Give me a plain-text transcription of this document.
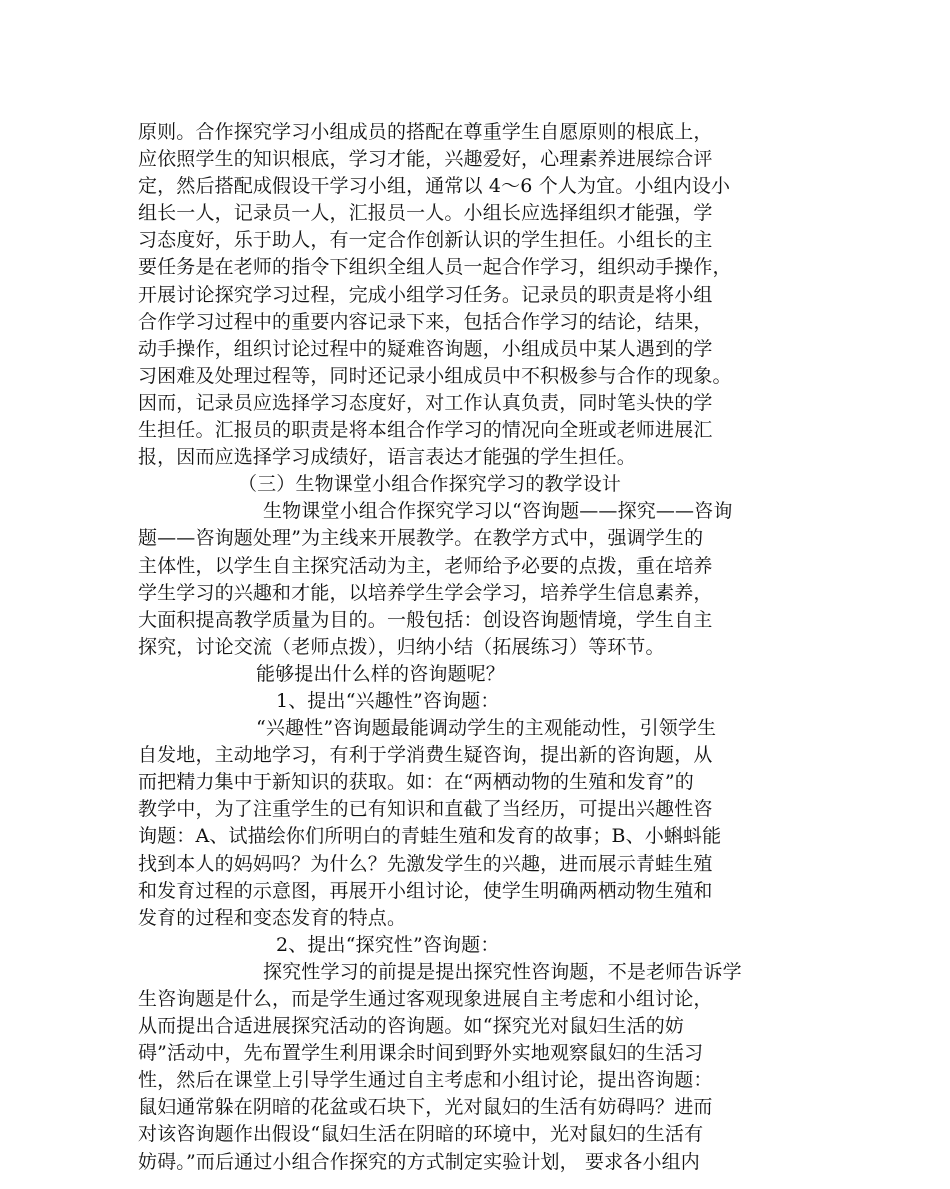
原则。合作探究学习小组成员的搭配在尊重学生自愿原则的根底上，
应依照学生的知识根底，学习才能，兴趣爱好，心理素养进展综合评
定，然后搭配成假设干学习小组，通常以 4～6 个人为宜。小组内设小
组长一人，记录员一人，汇报员一人。小组长应选择组织才能强，学
习态度好，乐于助人，有一定合作创新认识的学生担任。小组长的主
要任务是在老师的指令下组织全组人员一起合作学习，组织动手操作，
开展讨论探究学习过程，完成小组学习任务。记录员的职责是将小组
合作学习过程中的重要内容记录下来，包括合作学习的结论，结果，
动手操作，组织讨论过程中的疑难咨询题，小组成员中某人遇到的学
习困难及处理过程等，同时还记录小组成员中不积极参与合作的现象。
因而，记录员应选择学习态度好，对工作认真负责，同时笔头快的学
生担任。汇报员的职责是将本组合作学习的情况向全班或老师进展汇
报，因而应选择学习成绩好，语言表达才能强的学生担任。
（三）生物课堂小组合作探究学习的教学设计
生物课堂小组合作探究学习以“咨询题——探究——咨询
题——咨询题处理”为主线来开展教学。在教学方式中，强调学生的
主体性，以学生自主探究活动为主，老师给予必要的点拨，重在培养
学生学习的兴趣和才能，以培养学生学会学习，培养学生信息素养，
大面积提高教学质量为目的。一般包括：创设咨询题情境，学生自主
探究，讨论交流（老师点拨），归纳小结（拓展练习）等环节。
能够提出什么样的咨询题呢？
1、提出“兴趣性”咨询题：
“兴趣性”咨询题最能调动学生的主观能动性，引领学生
自发地，主动地学习，有利于学消费生疑咨询，提出新的咨询题，从
而把精力集中于新知识的获取。如：在“两栖动物的生殖和发育”的
教学中，为了注重学生的已有知识和直截了当经历，可提出兴趣性咨
询题：A、试描绘你们所明白的青蛙生殖和发育的故事；B、小蝌蚪能
找到本人的妈妈吗？为什么？先激发学生的兴趣，进而展示青蛙生殖
和发育过程的示意图，再展开小组讨论，使学生明确两栖动物生殖和
发育的过程和变态发育的特点。
2、提出“探究性”咨询题：
探究性学习的前提是提出探究性咨询题，不是老师告诉学
生咨询题是什么，而是学生通过客观现象进展自主考虑和小组讨论，
从而提出合适进展探究活动的咨询题。如“探究光对鼠妇生活的妨
碍”活动中，先布置学生利用课余时间到野外实地观察鼠妇的生活习
性，然后在课堂上引导学生通过自主考虑和小组讨论，提出咨询题：
鼠妇通常躲在阴暗的花盆或石块下，光对鼠妇的生活有妨碍吗？进而
对该咨询题作出假设“鼠妇生活在阴暗的环境中，光对鼠妇的生活有
妨碍。”而后通过小组合作探究的方式制定实验计划， 要求各小组内
